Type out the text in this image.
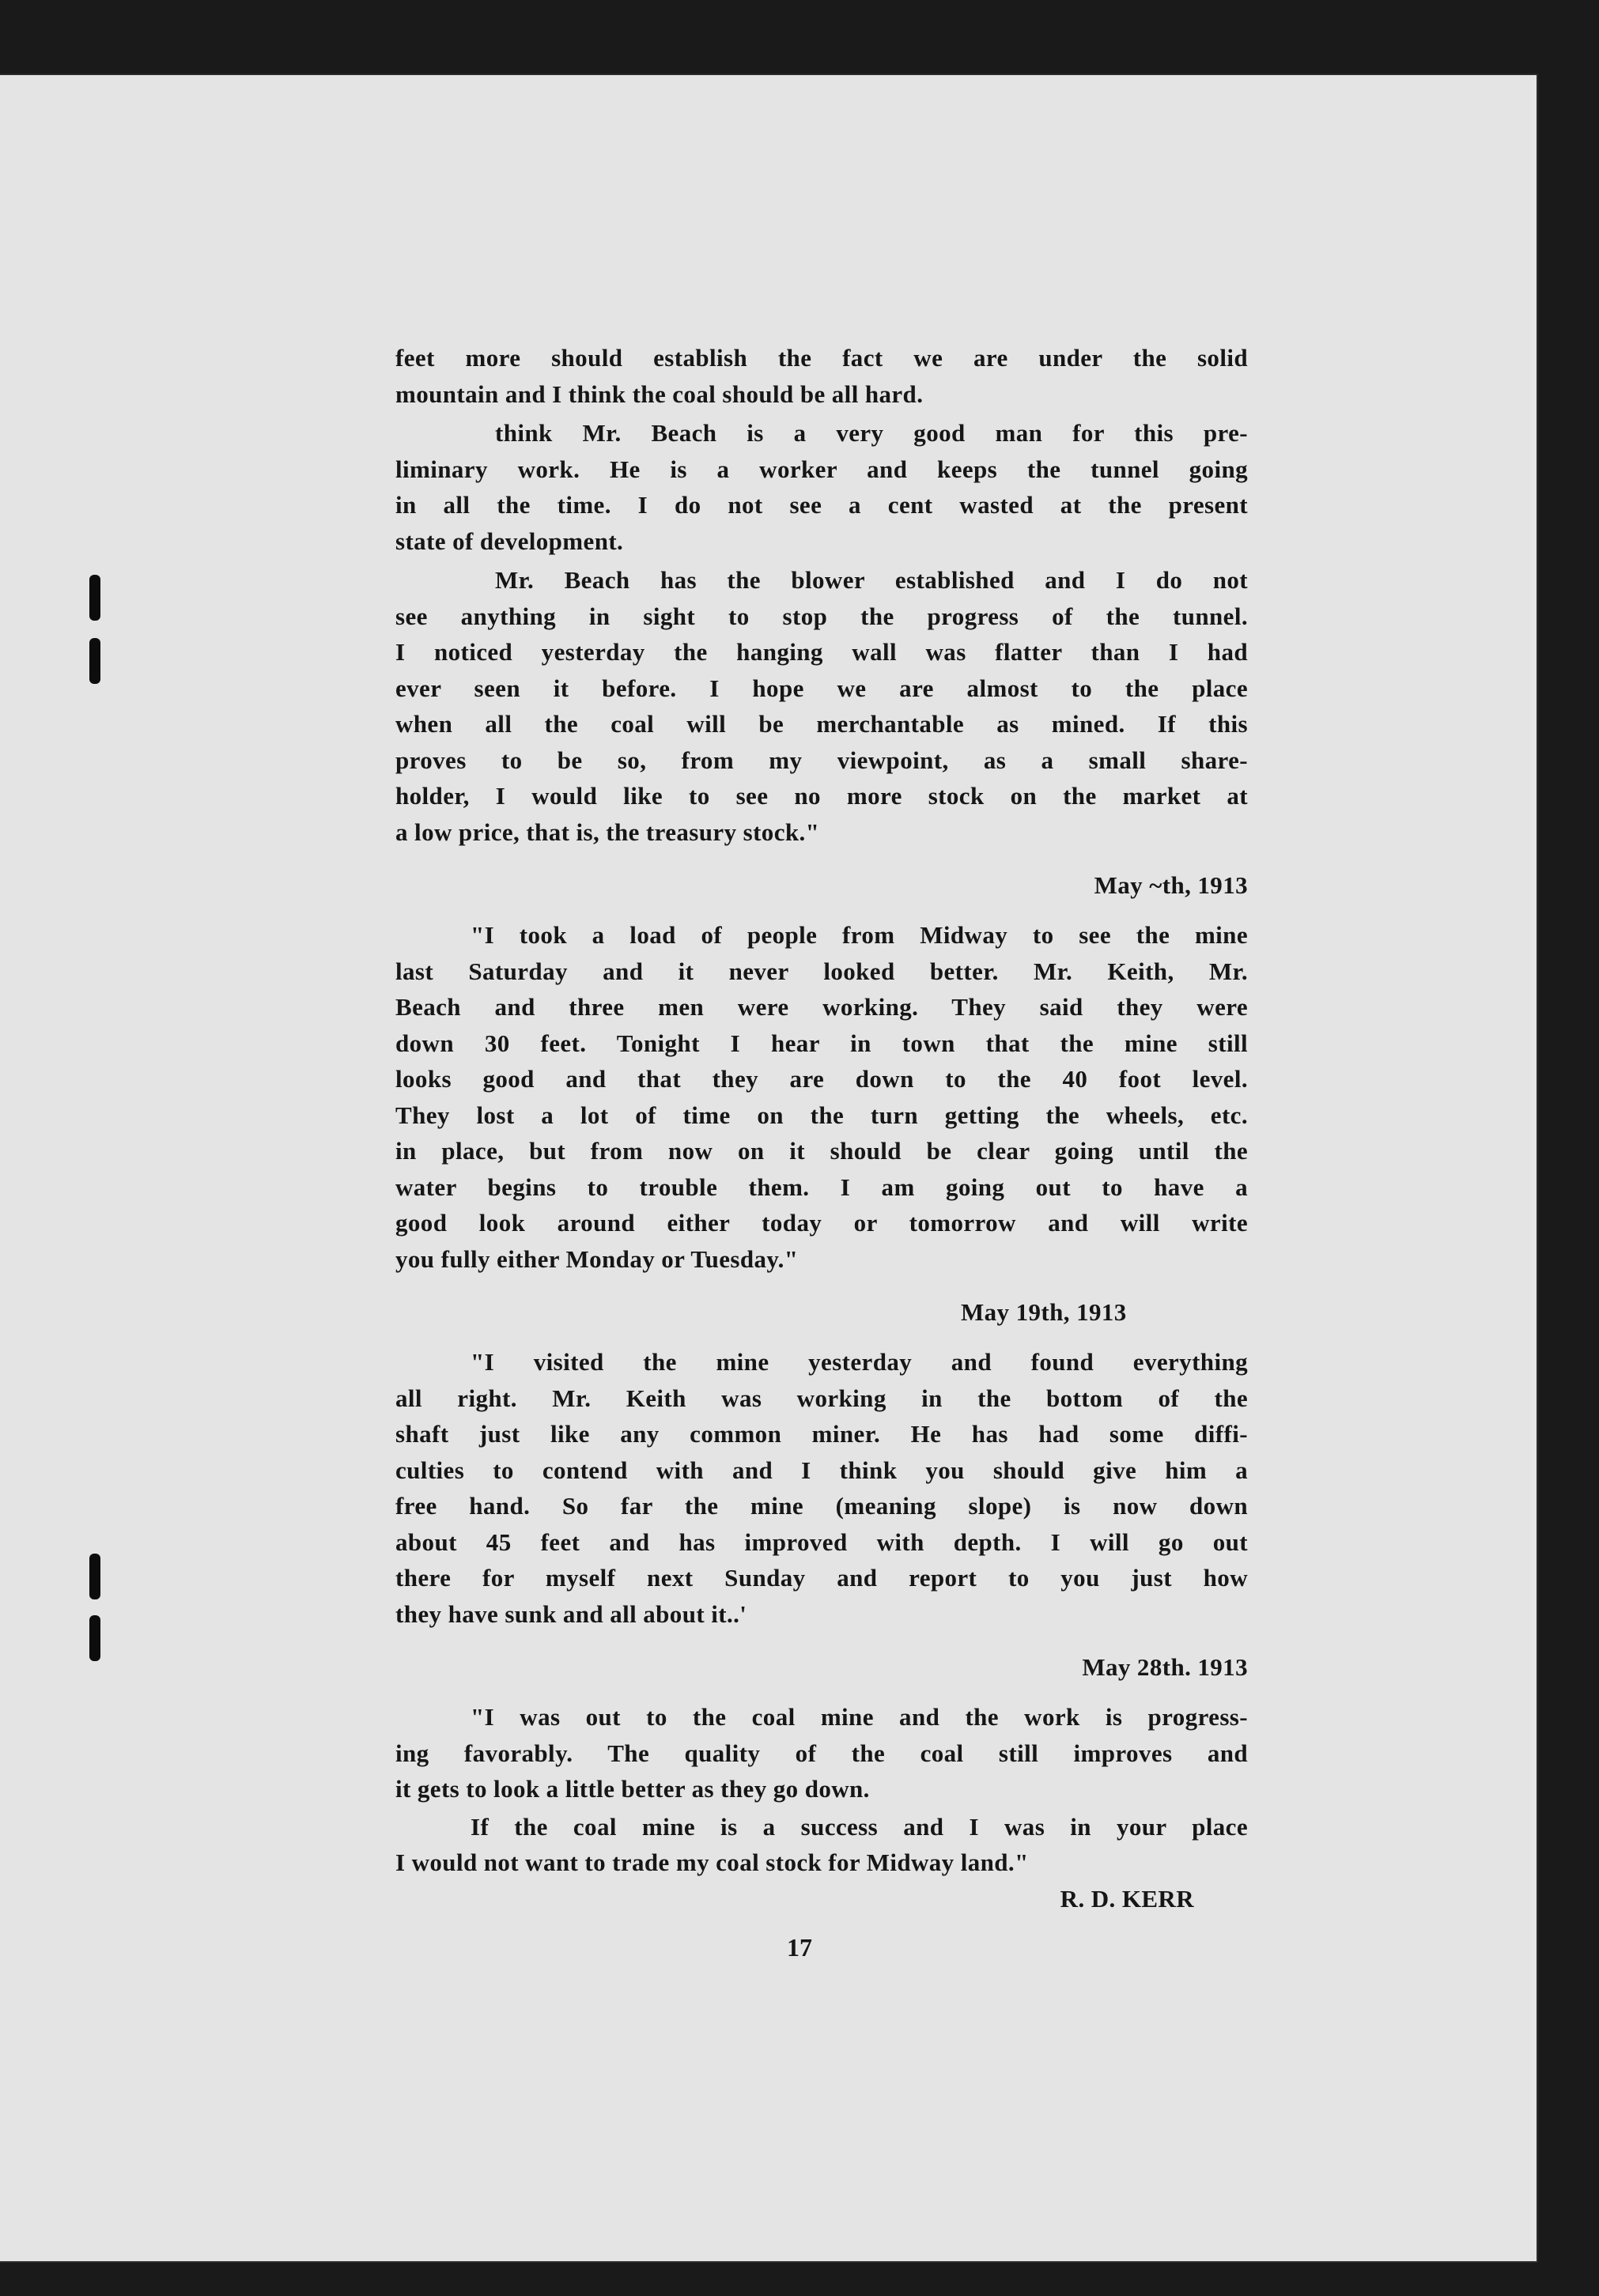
feet more should establish the fact we are under the solid
mountain and I think the coal should be all hard.
think Mr. Beach is a very good man for this pre-
liminary work. He is a worker and keeps the tunnel going
in all the time. I do not see a cent wasted at the present
state of development.
Mr. Beach has the blower established and I do not
see anything in sight to stop the progress of the tunnel.
I noticed yesterday the hanging wall was flatter than I had
ever seen it before. I hope we are almost to the place
when all the coal will be merchantable as mined. If this
proves to be so, from my viewpoint, as a small share-
holder, I would like to see no more stock on the market at
a low price, that is, the treasury stock."
May ~th, 1913
"I took a load of people from Midway to see the mine
last Saturday and it never looked better. Mr. Keith, Mr.
Beach and three men were working. They said they were
down 30 feet. Tonight I hear in town that the mine still
looks good and that they are down to the 40 foot level.
They lost a lot of time on the turn getting the wheels, etc.
in place, but from now on it should be clear going until the
water begins to trouble them. I am going out to have a
good look around either today or tomorrow and will write
you fully either Monday or Tuesday."
May 19th, 1913
"I visited the mine yesterday and found everything
all right. Mr. Keith was working in the bottom of the
shaft just like any common miner. He has had some diffi-
culties to contend with and I think you should give him a
free hand. So far the mine (meaning slope) is now down
about 45 feet and has improved with depth. I will go out
there for myself next Sunday and report to you just how
they have sunk and all about it..'
May 28th. 1913
"I was out to the coal mine and the work is progress-
ing favorably. The quality of the coal still improves and
it gets to look a little better as they go down.
If the coal mine is a success and I was in your place
I would not want to trade my coal stock for Midway land."
R. D. KERR
17
